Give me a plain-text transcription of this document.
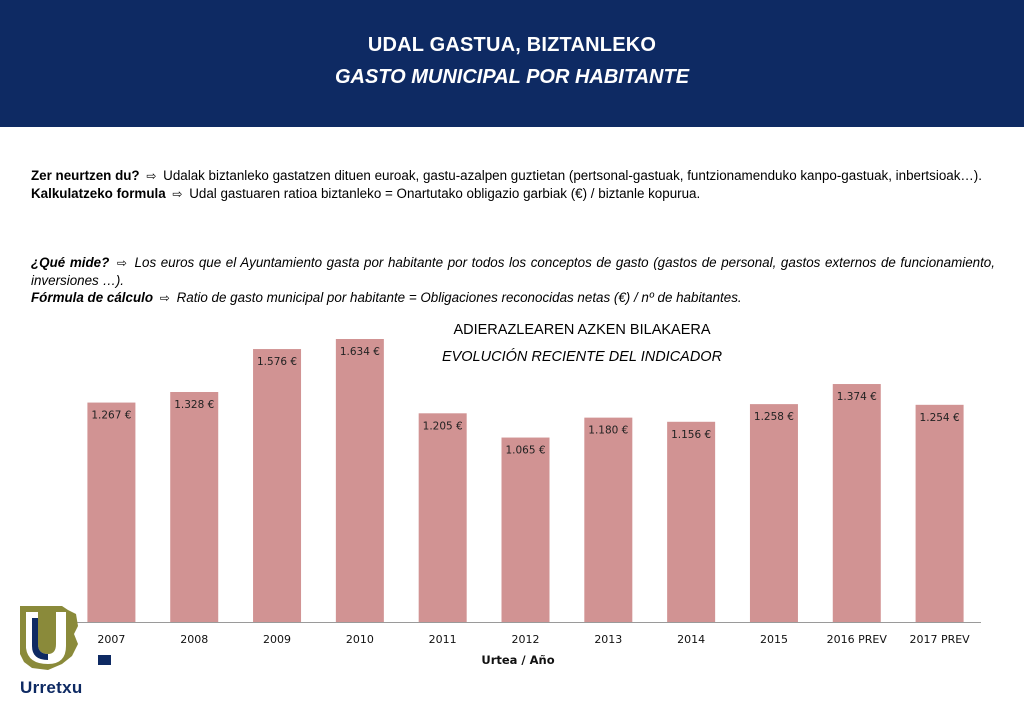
UDAL GASTUA, BIZTANLEKO
GASTO MUNICIPAL POR HABITANTE

Zer neurtzen du? ⇨ Udalak biztanleko gastatzen dituen euroak, gastu-azalpen guztietan (pertsonal-gastuak, funtzionamenduko kanpo-gastuak, inbertsioak…).

Kalkulatzeko formula ⇨ Udal gastuaren ratioa biztanleko = Onartutako obligazio garbiak (€) / biztanle kopurua.

¿Qué mide? ⇨ Los euros que el Ayuntamiento gasta por habitante por todos los conceptos de gasto (gastos de personal, gastos externos de funcionamiento, inversiones …).

Fórmula de cálculo ⇨ Ratio de gasto municipal por habitante = Obligaciones reconocidas netas (€) / nº de habitantes.

ADIERAZLEAREN AZKEN BILAKAERA
EVOLUCIÓN RECIENTE DEL INDICADOR
1.267 €
2007
1.328 €
2008
1.576 €
2009
1.634 €
2010
1.205 €
2011
1.065 €
2012
1.180 €
2013
1.156 €
2014
1.258 €
2015
1.374 €
2016 PREV
1.254 €
2017 PREV
Urtea / Año
Urretxu
